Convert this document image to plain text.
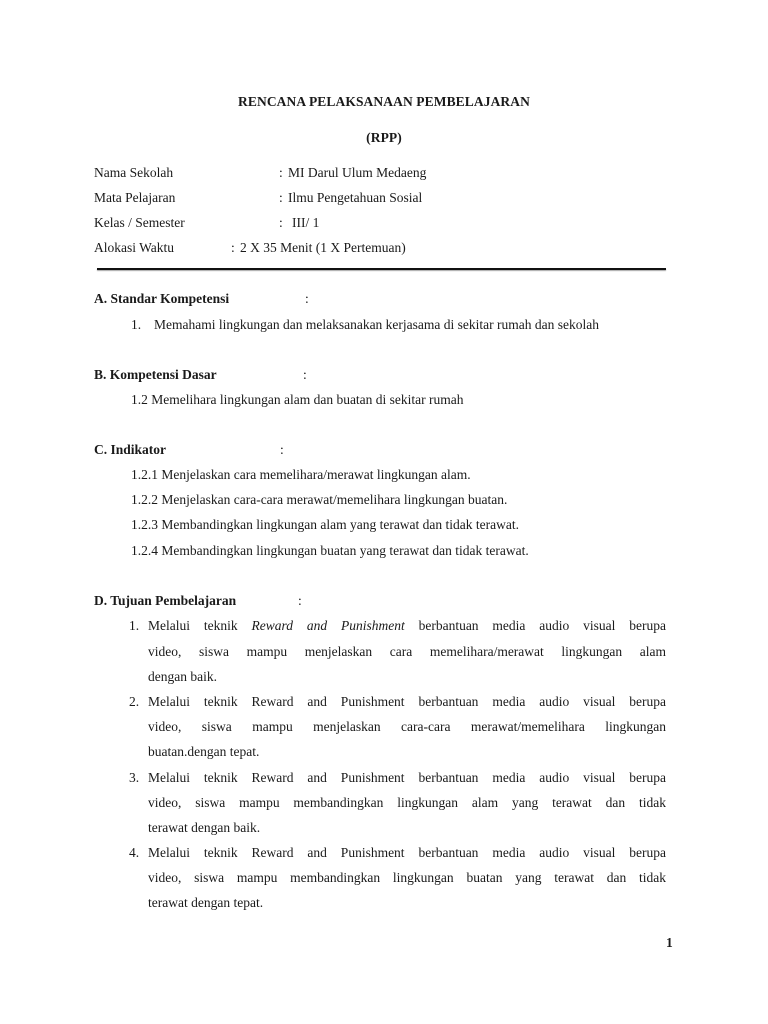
RENCANA PELAKSANAAN PEMBELAJARAN
(RPP)
Nama Sekolah	: MI Darul Ulum Medaeng
Mata Pelajaran	: Ilmu Pengetahuan Sosial
Kelas / Semester	: III/ 1
Alokasi Waktu	: 2 X 35 Menit (1 X Pertemuan)
A. Standar Kompetensi	:
1. Memahami lingkungan dan melaksanakan kerjasama di sekitar rumah dan sekolah
B. Kompetensi Dasar	:
1.2 Memelihara lingkungan alam dan buatan di sekitar rumah
C. Indikator	:
1.2.1 Menjelaskan cara memelihara/merawat lingkungan alam.
1.2.2 Menjelaskan cara-cara merawat/memelihara lingkungan buatan.
1.2.3 Membandingkan lingkungan alam yang terawat dan tidak terawat.
1.2.4 Membandingkan lingkungan buatan yang terawat dan tidak terawat.
D. Tujuan Pembelajaran	:
1. Melalui teknik Reward and Punishment berbantuan media audio visual berupa
video, siswa mampu menjelaskan cara memelihara/merawat lingkungan alam
dengan baik.
2. Melalui teknik Reward and Punishment berbantuan media audio visual berupa
video, siswa mampu menjelaskan cara-cara merawat/memelihara lingkungan
buatan.dengan tepat.
3. Melalui teknik Reward and Punishment berbantuan media audio visual berupa
video, siswa mampu membandingkan lingkungan alam yang terawat dan tidak
terawat dengan baik.
4. Melalui teknik Reward and Punishment berbantuan media audio visual berupa
video, siswa mampu membandingkan lingkungan buatan yang terawat dan tidak
terawat dengan tepat.
1
